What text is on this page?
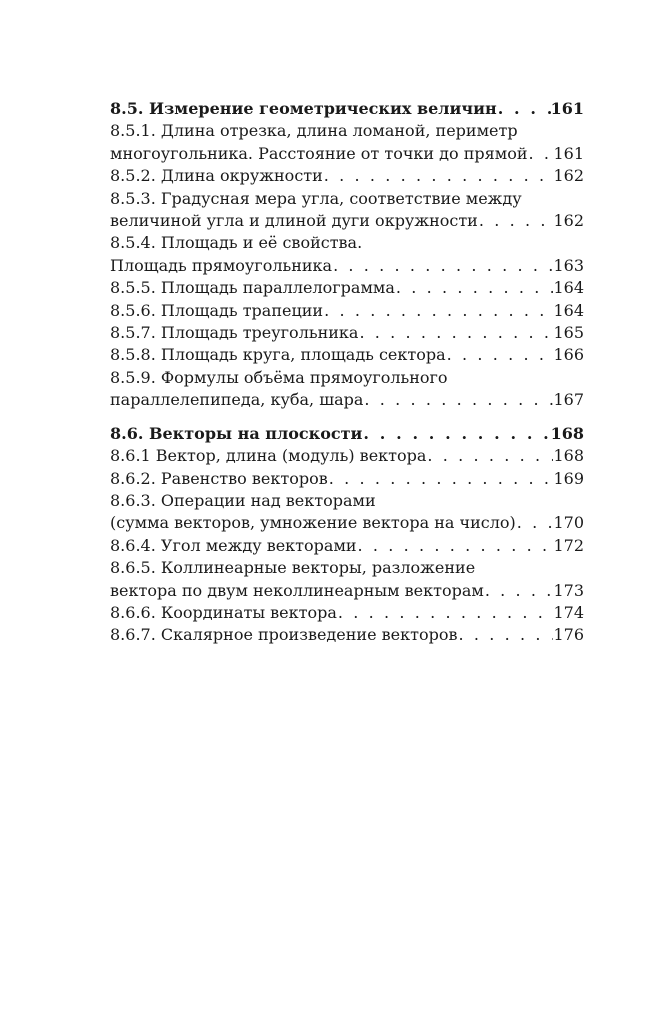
8.5. Измерение геометрических величин . . .	161
8.5.1. Длина отрезка, длина ломаной, периметр
многоугольника. Расстояние от точки до прямой . . . 161
8.5.2. Длина окружности . . .	162
8.5.3. Градусная мера угла, соответствие между
величиной угла и длиной дуги окружности . . .	162
8.5.4. Площадь и её свойства.
Площадь прямоугольника . . .	163
8.5.5. Площадь параллелограмма . . .	164
8.5.6. Площадь трапеции . . .	164
8.5.7. Площадь треугольника . . .	165
8.5.8. Площадь круга, площадь сектора . . .	166
8.5.9. Формулы объёма прямоугольного
параллелепипеда, куба, шара . . .	167
8.6. Векторы на плоскости . . .	168
8.6.1 Вектор, длина (модуль) вектора . . .	168
8.6.2. Равенство векторов . . .	169
8.6.3. Операции над векторами
(сумма векторов, умножение вектора на число) . . . 170
8.6.4. Угол между векторами . . .	172
8.6.5. Коллинеарные векторы, разложение
вектора по двум неколлинеарным векторам . . .	173
8.6.6. Координаты вектора . . .	174
8.6.7. Скалярное произведение векторов . . .	176
